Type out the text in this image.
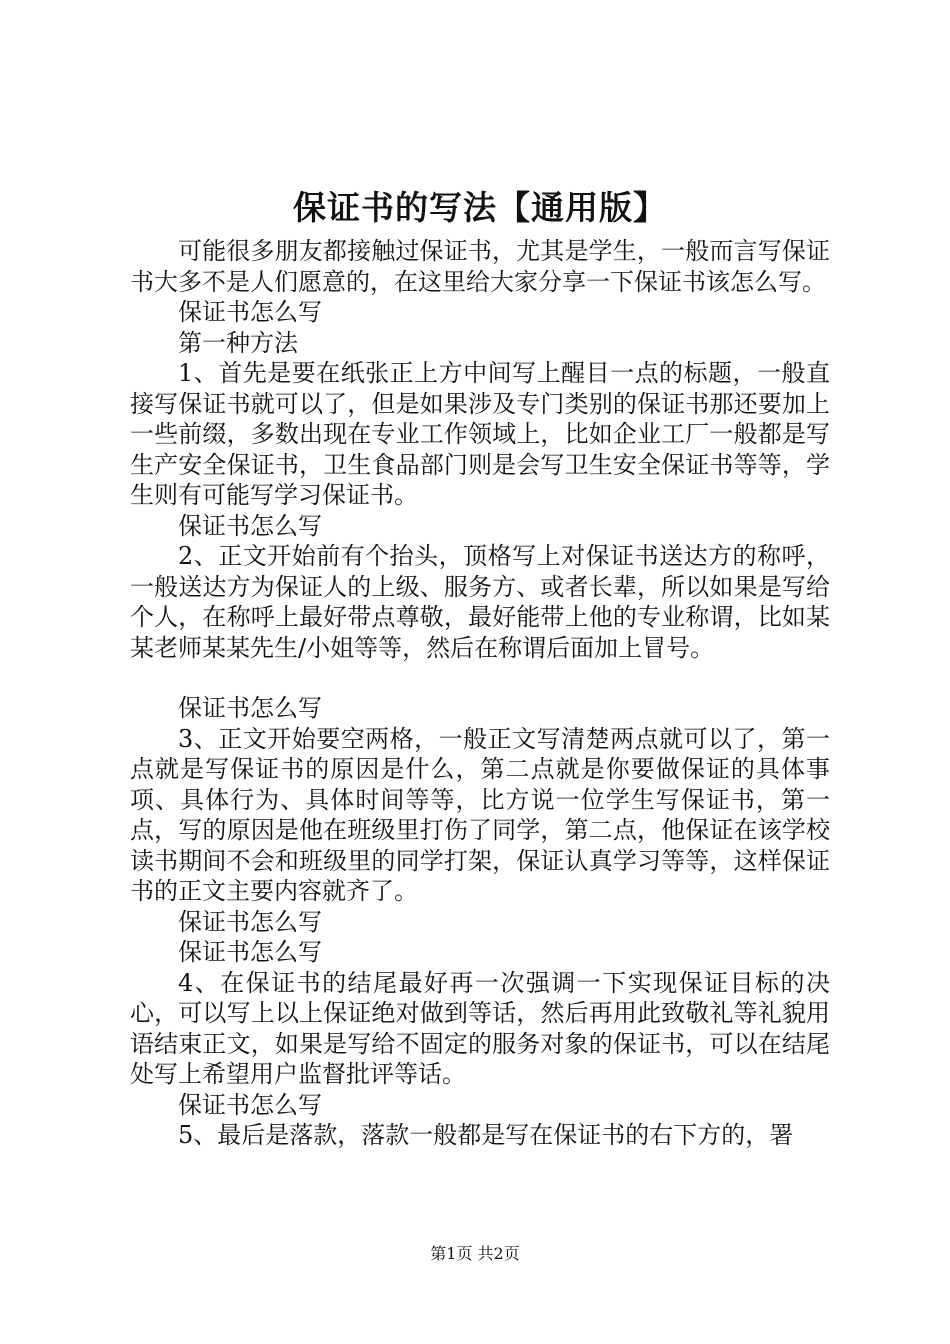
保证书的写法【通用版】

可能很多朋友都接触过保证书，尤其是学生，一般而言写保证书大多不是人们愿意的，在这里给大家分享一下保证书该怎么写。

保证书怎么写

第一种方法

1、首先是要在纸张正上方中间写上醒目一点的标题，一般直接写保证书就可以了，但是如果涉及专门类别的保证书那还要加上一些前缀，多数出现在专业工作领域上，比如企业工厂一般都是写生产安全保证书，卫生食品部门则是会写卫生安全保证书等等，学生则有可能写学习保证书。

保证书怎么写

2、正文开始前有个抬头，顶格写上对保证书送达方的称呼，一般送达方为保证人的上级、服务方、或者长辈，所以如果是写给个人，在称呼上最好带点尊敬，最好能带上他的专业称谓，比如某某老师某某先生/小姐等等，然后在称谓后面加上冒号。

保证书怎么写

3、正文开始要空两格，一般正文写清楚两点就可以了，第一点就是写保证书的原因是什么，第二点就是你要做保证的具体事项、具体行为、具体时间等等，比方说一位学生写保证书，第一点，写的原因是他在班级里打伤了同学，第二点，他保证在该学校读书期间不会和班级里的同学打架，保证认真学习等等，这样保证书的正文主要内容就齐了。

保证书怎么写

保证书怎么写

4、在保证书的结尾最好再一次强调一下实现保证目标的决心，可以写上以上保证绝对做到等话，然后再用此致敬礼等礼貌用语结束正文，如果是写给不固定的服务对象的保证书，可以在结尾处写上希望用户监督批评等话。

保证书怎么写

5、最后是落款，落款一般都是写在保证书的右下方的，署

第1页 共2页
